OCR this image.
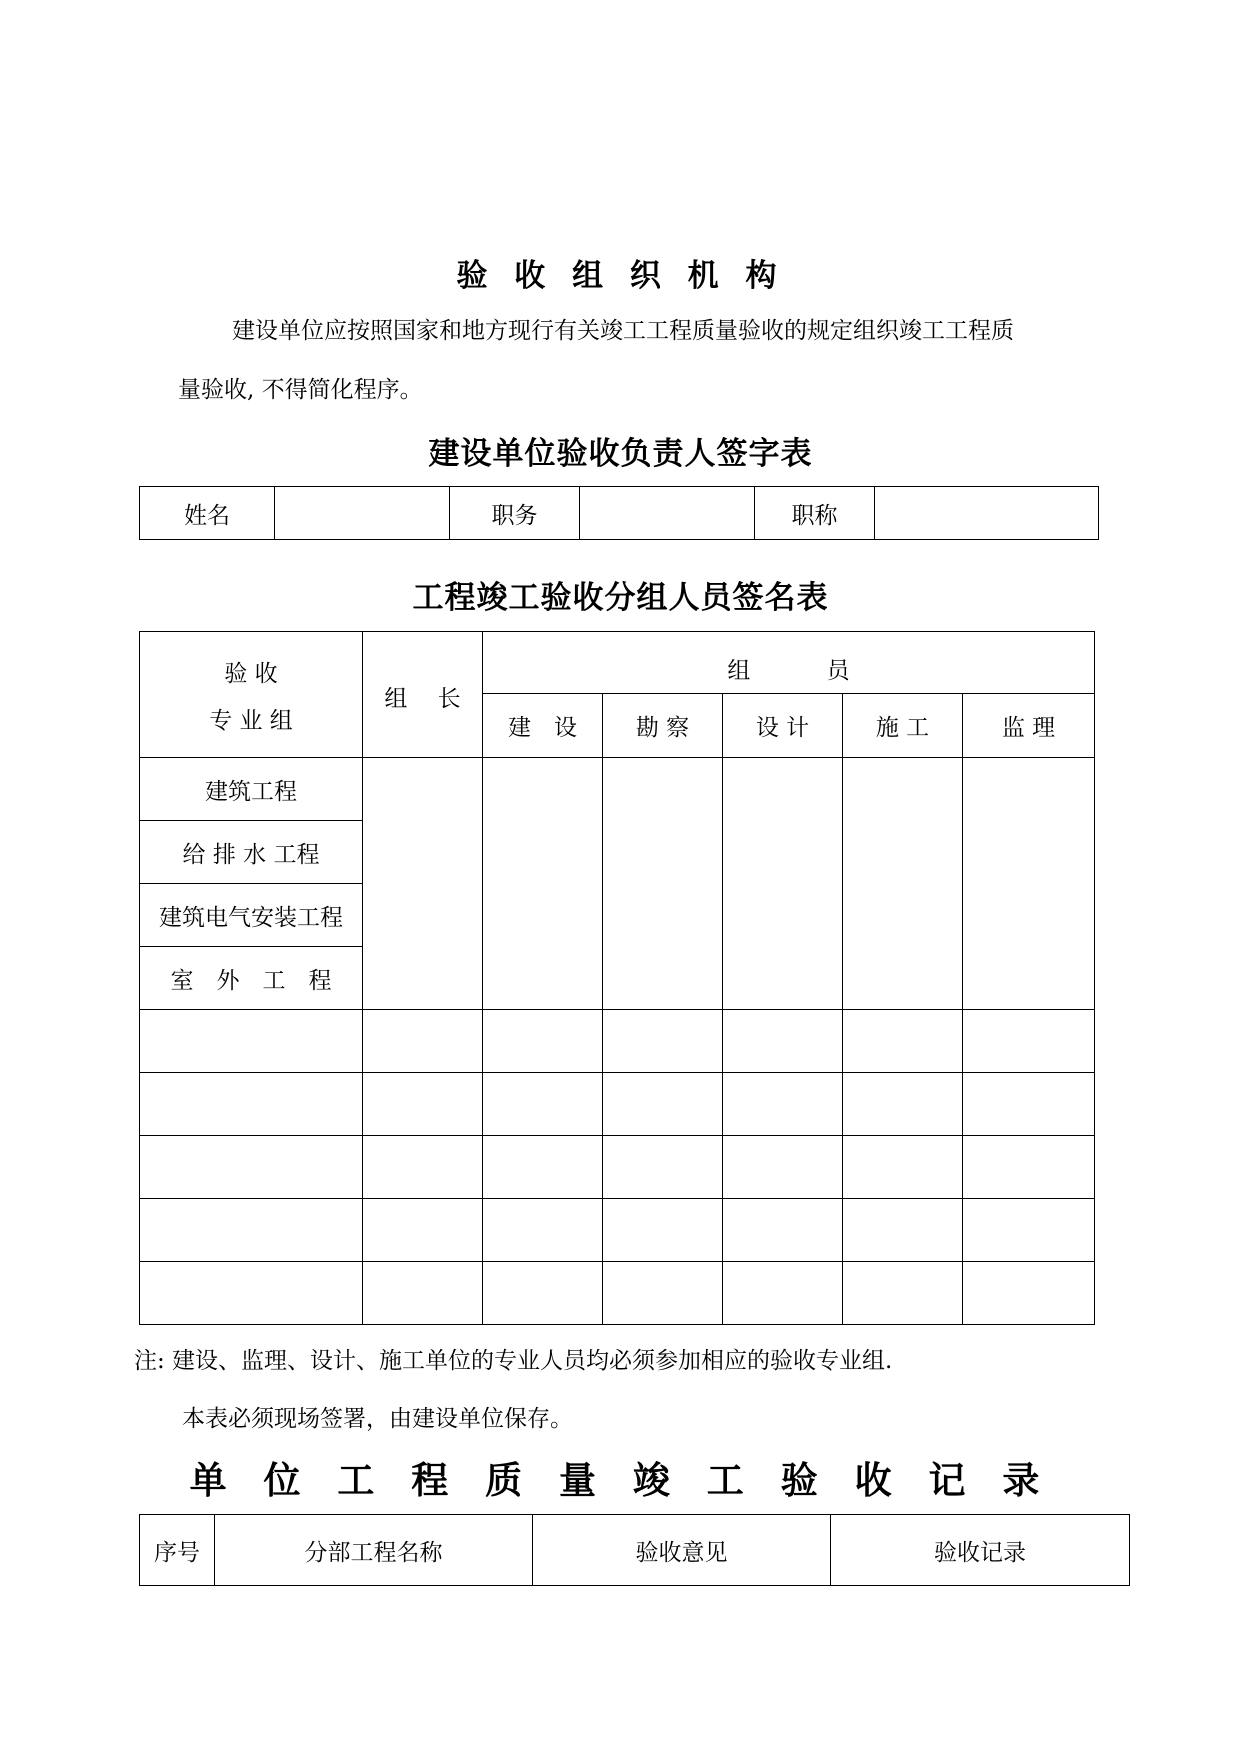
验 收 组 织 机 构
建设单位应按照国家和地方现行有关竣工工程质量验收的规定组织竣工工程质
量验收, 不得简化程序。
建设单位验收负责人签字表
姓名		职务		职称	
工程竣工验收分组人员签名表
验 收
专 业 组	组　 长	组　　　 员				
		建　设	勘 察	设 计	施 工	监 理
建筑工程						
给 排 水 工程						
建筑电气安装工程						
室　外　工　程						

注: 建设、监理、设计、施工单位的专业人员均必须参加相应的验收专业组.
本表必须现场签署，由建设单位保存。
单 位 工 程 质 量 竣 工 验 收 记 录
序号	分部工程名称	验收意见	验收记录
